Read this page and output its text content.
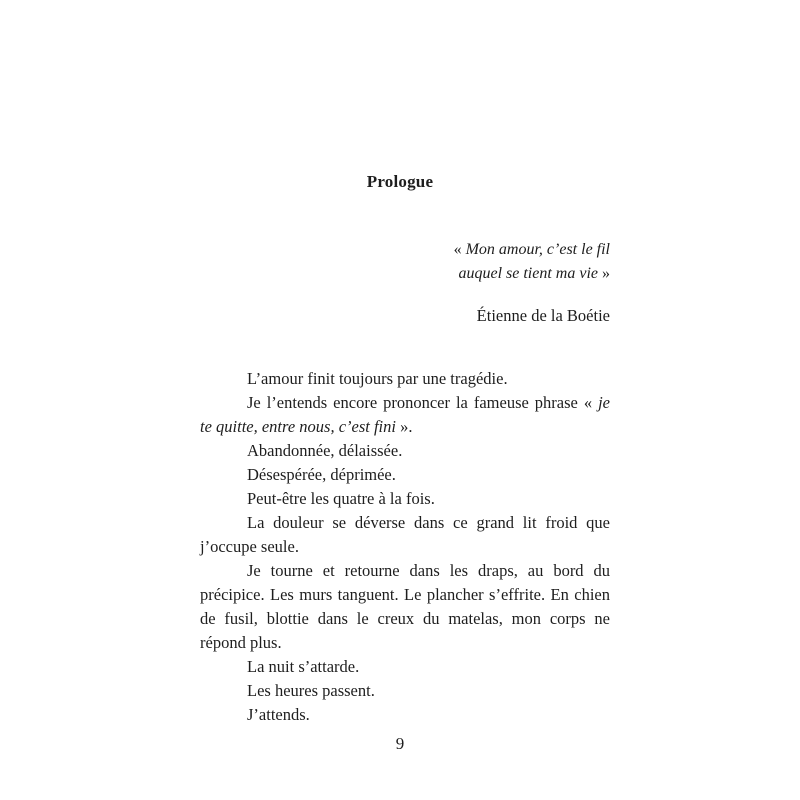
Prologue
« Mon amour, c’est le fil
auquel se tient ma vie »
Étienne de la Boétie

L’amour finit toujours par une tragédie.

Je l’entends encore prononcer la fameuse phrase « je te quitte, entre nous, c’est fini ».

Abandonnée, délaissée.

Désespérée, déprimée.

Peut-être les quatre à la fois.

La douleur se déverse dans ce grand lit froid que j’occupe seule.

Je tourne et retourne dans les draps, au bord du précipice. Les murs tanguent. Le plancher s’effrite. En chien de fusil, blottie dans le creux du matelas, mon corps ne répond plus.

La nuit s’attarde.

Les heures passent.

J’attends.

9
